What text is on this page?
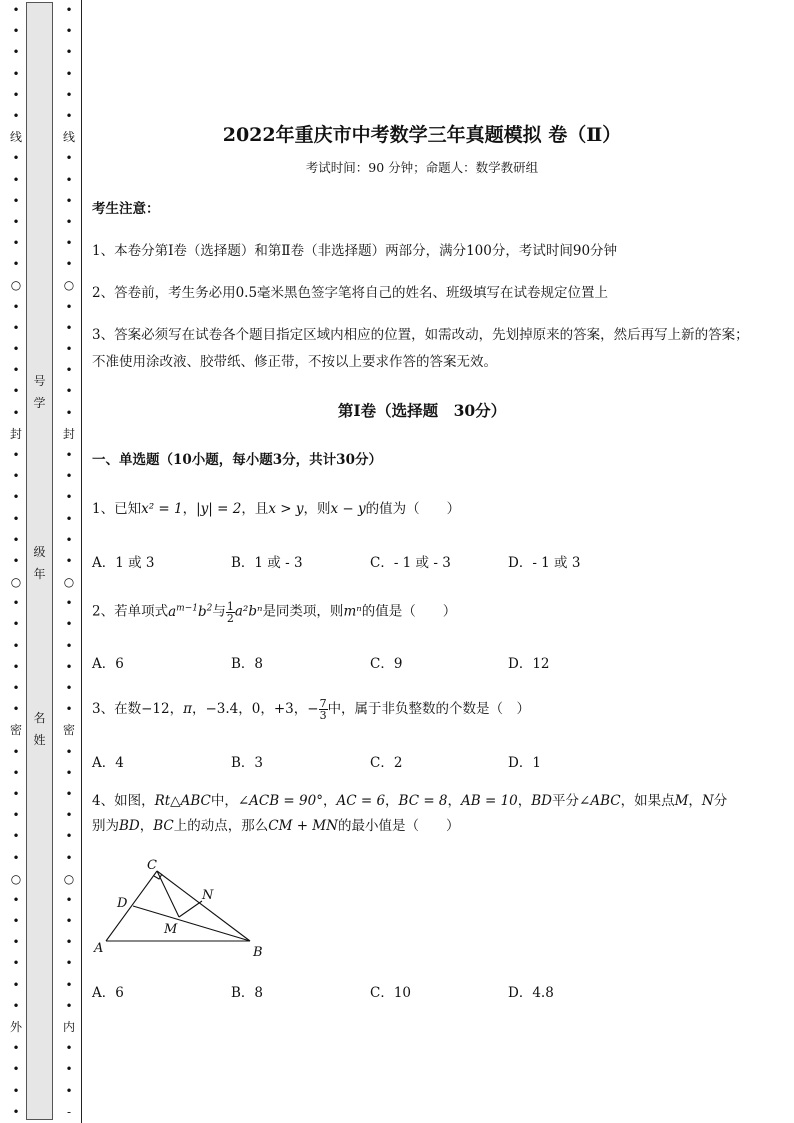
•
•
•
•
•
•
线
•
•
•
•
•
•
○
•
•
•
•
•
•
封
•
•
•
•
•
•
○
•
•
•
•
•
•
密
•
•
•
•
•
•
○
•
•
•
•
•
•
外
•
•
•
•
号
学
级
年
名
姓
•
•
•
•
•
•
线
•
•
•
•
•
•
○
•
•
•
•
•
•
封
•
•
•
•
•
•
○
•
•
•
•
•
•
密
•
•
•
•
•
•
○
•
•
•
•
•
•
内
•
•
•
-
2022年重庆市中考数学三年真题模拟 卷（Ⅱ）
考试时间：90 分钟；命题人：数学教研组
考生注意：
1、本卷分第Ⅰ卷（选择题）和第Ⅱ卷（非选择题）两部分，满分100分，考试时间90分钟
2、答卷前，考生务必用0.5毫米黑色签字笔将自己的姓名、班级填写在试卷规定位置上
3、答案必须写在试卷各个题目指定区域内相应的位置，如需改动，先划掉原来的答案，然后再写上新的答案；不准使用涂改液、胶带纸、修正带，不按以上要求作答的答案无效。
第Ⅰ卷（选择题　30分）
一、单选题（10小题，每小题3分，共计30分）
1、已知x² = 1，|y| = 2，且x > y，则x − y的值为（　　）
A．1 或 3	B．1 或 - 3	C．- 1 或 - 3	D．- 1 或 3
2、若单项式$a^{m-1}b^2$与 $\frac{1}{2} a^2b^n$是同类项，则mⁿ的值是（　　）
A．6	B．8	C．9	D．12
3、在数−12，π，−3.4，0，+3，− $\frac{7}{3}$ 中，属于非负整数的个数是（　）
A．4	B．3	C．2	D．1
4、如图，Rt△ABC中，∠ACB = 90°，AC = 6，BC = 8，AB = 10，BD平分∠ABC，如果点M，N分
别为BD，BC上的动点，那么CM + MN的最小值是（　　）
C
D
N
M
A	B
A．6	B．8	C．10	D．4.8
